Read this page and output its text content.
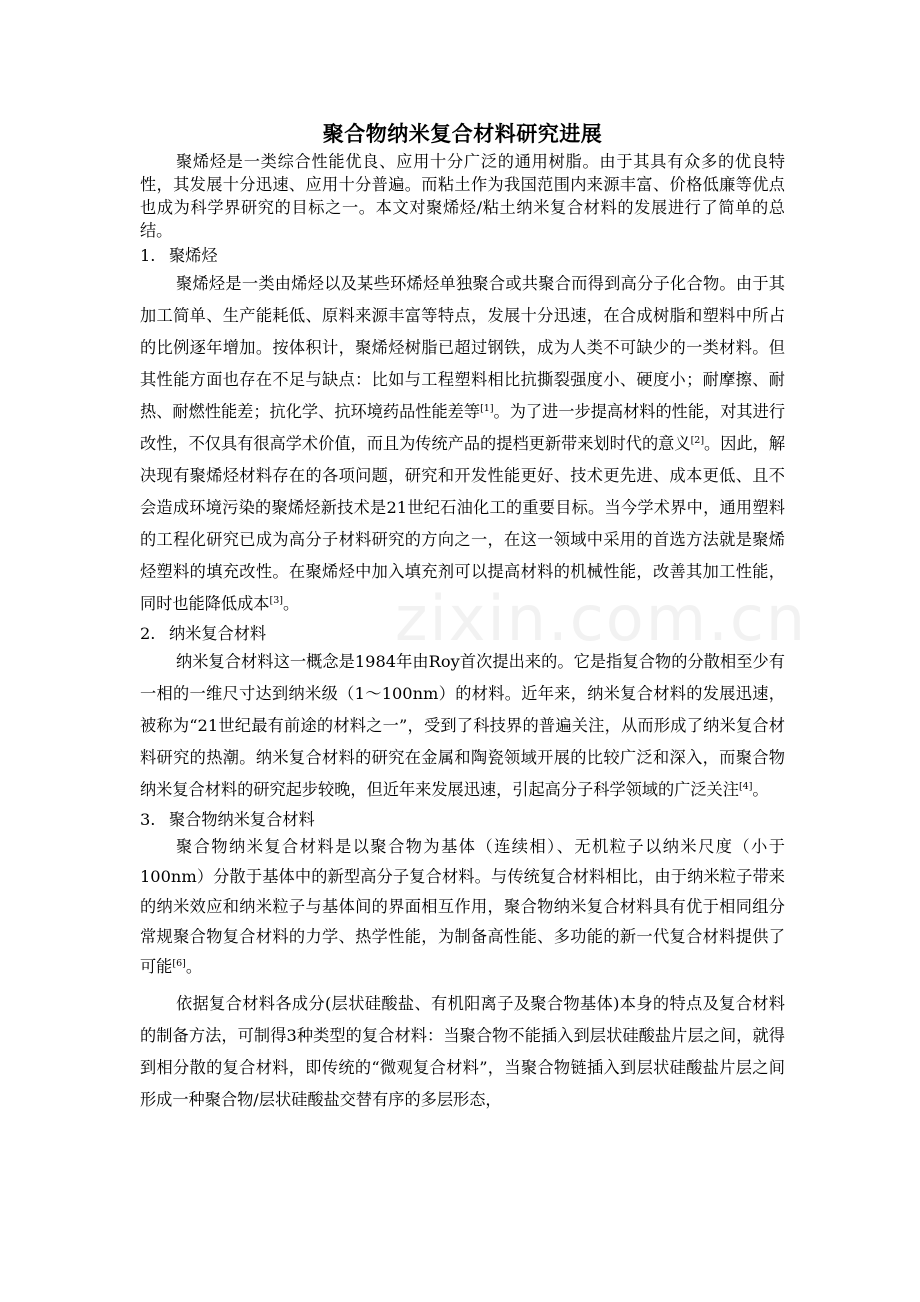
zixin.com.cn
聚合物纳米复合材料研究进展

聚烯烃是一类综合性能优良、应用十分广泛的通用树脂。由于其具有众多的优良特性，其发展十分迅速、应用十分普遍。而粘土作为我国范围内来源丰富、价格低廉等优点也成为科学界研究的目标之一。本文对聚烯烃/粘土纳米复合材料的发展进行了简单的总结。

1. 聚烯烃

聚烯烃是一类由烯烃以及某些环烯烃单独聚合或共聚合而得到高分子化合物。由于其加工简单、生产能耗低、原料来源丰富等特点，发展十分迅速，在合成树脂和塑料中所占的比例逐年增加。按体积计，聚烯烃树脂已超过钢铁，成为人类不可缺少的一类材料。但其性能方面也存在不足与缺点：比如与工程塑料相比抗撕裂强度小、硬度小；耐摩擦、耐热、耐燃性能差；抗化学、抗环境药品性能差等[1]。为了进一步提高材料的性能，对其进行改性，不仅具有很高学术价值，而且为传统产品的提档更新带来划时代的意义[2]。因此，解决现有聚烯烃材料存在的各项问题，研究和开发性能更好、技术更先进、成本更低、且不会造成环境污染的聚烯烃新技术是21世纪石油化工的重要目标。当今学术界中，通用塑料的工程化研究已成为高分子材料研究的方向之一，在这一领域中采用的首选方法就是聚烯烃塑料的填充改性。在聚烯烃中加入填充剂可以提高材料的机械性能，改善其加工性能，同时也能降低成本[3]。

2. 纳米复合材料

纳米复合材料这一概念是1984年由Roy首次提出来的。它是指复合物的分散相至少有一相的一维尺寸达到纳米级（1～100nm）的材料。近年来，纳米复合材料的发展迅速，被称为“21世纪最有前途的材料之一”，受到了科技界的普遍关注，从而形成了纳米复合材料研究的热潮。纳米复合材料的研究在金属和陶瓷领域开展的比较广泛和深入，而聚合物纳米复合材料的研究起步较晚，但近年来发展迅速，引起高分子科学领域的广泛关注[4]。

3. 聚合物纳米复合材料

聚合物纳米复合材料是以聚合物为基体（连续相）、无机粒子以纳米尺度（小于100nm）分散于基体中的新型高分子复合材料。与传统复合材料相比，由于纳米粒子带来的纳米效应和纳米粒子与基体间的界面相互作用，聚合物纳米复合材料具有优于相同组分常规聚合物复合材料的力学、热学性能，为制备高性能、多功能的新一代复合材料提供了可能[6]。

依据复合材料各成分(层状硅酸盐、有机阳离子及聚合物基体)本身的特点及复合材料的制备方法，可制得3种类型的复合材料：当聚合物不能插入到层状硅酸盐片层之间，就得到相分散的复合材料，即传统的“微观复合材料”，当聚合物链插入到层状硅酸盐片层之间形成一种聚合物/层状硅酸盐交替有序的多层形态，
